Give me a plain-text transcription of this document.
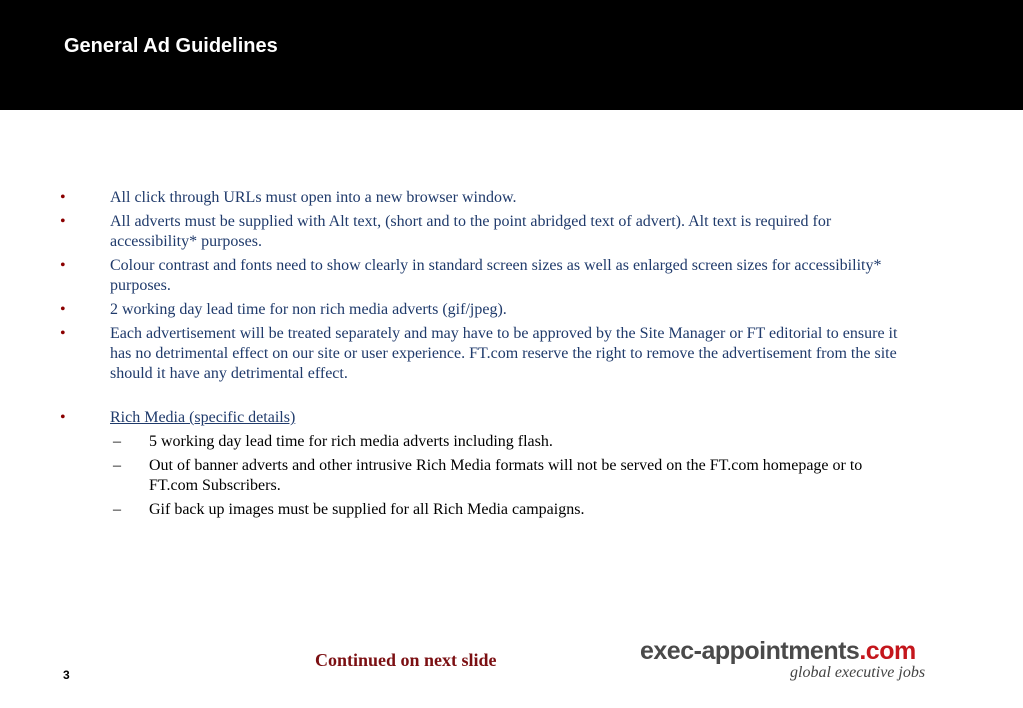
General Ad Guidelines
•	All click through URLs must open into a new browser window.
•	All adverts must be supplied with Alt text, (short and to the point abridged text of advert). Alt text is required for accessibility* purposes.
•	Colour contrast and fonts need to show clearly in standard screen sizes as well as enlarged screen sizes for accessibility* purposes.
•	2 working day lead time for non rich media adverts (gif/jpeg).
•	Each advertisement will be treated separately and may have to be approved by the Site Manager or FT editorial to ensure it has no detrimental effect on our site or user experience. FT.com reserve the right to remove the advertisement from the site should it have any detrimental effect.
•	Rich Media (specific details)
– 5 working day lead time for rich media adverts including flash.
– Out of banner adverts and other intrusive Rich Media formats will not be served on the FT.com homepage or to FT.com Subscribers.
– Gif back up images must be supplied for all Rich Media campaigns.
Continued on next slide
3
exec-appointments.com
global executive jobs
